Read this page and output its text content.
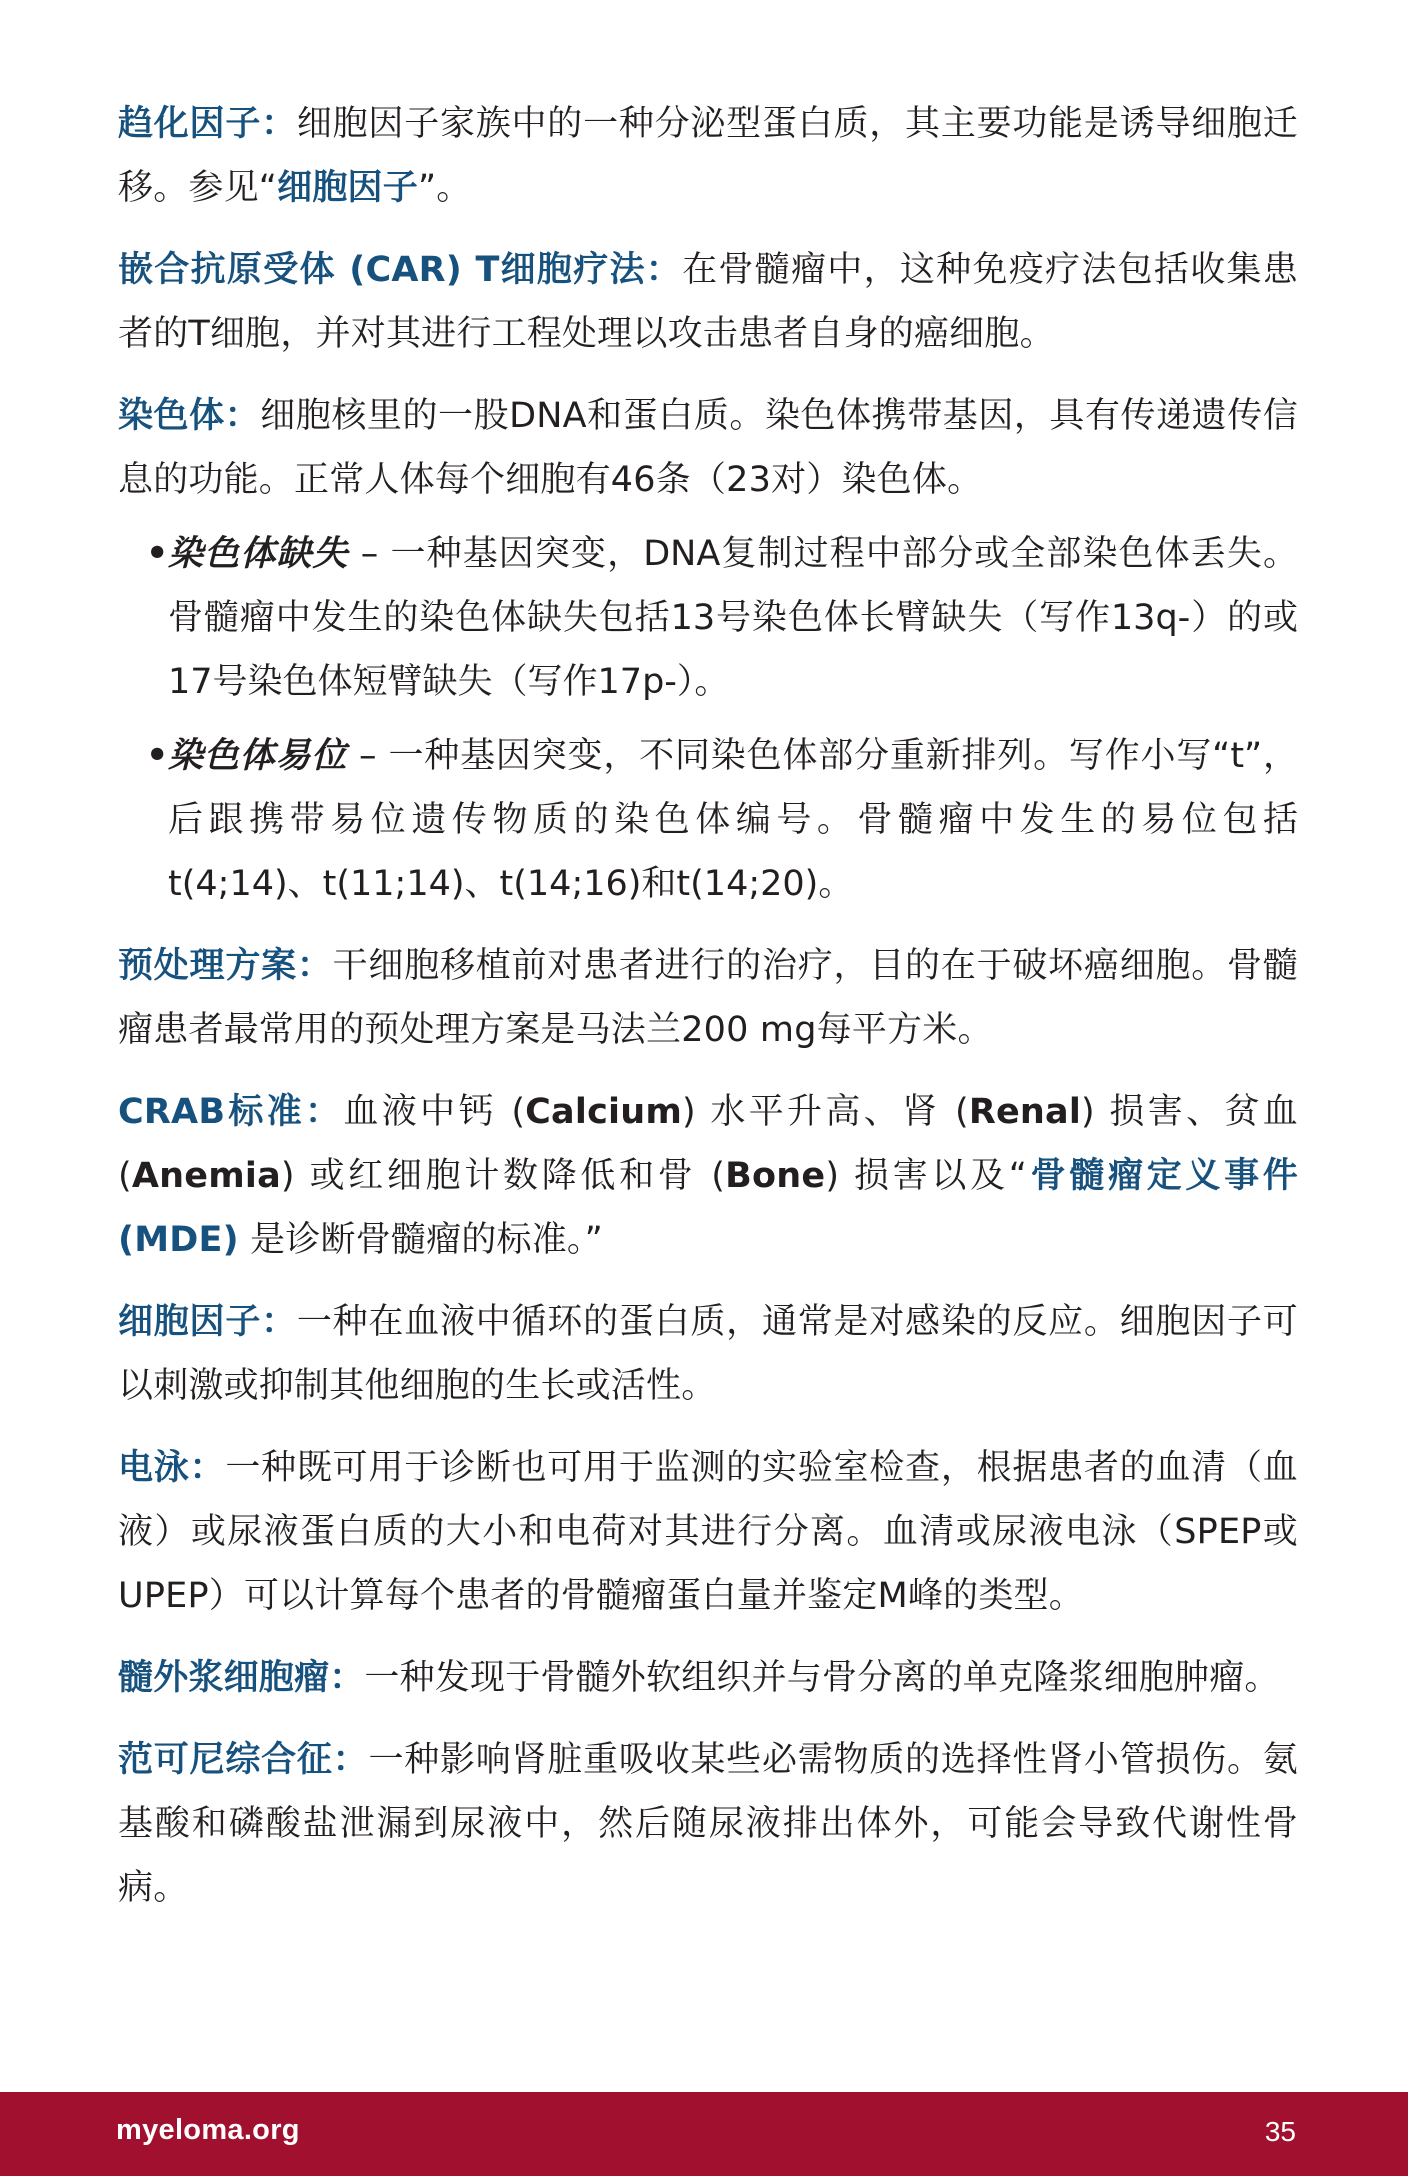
趋化因子：细胞因子家族中的一种分泌型蛋白质，其主要功能是诱导细胞迁移。参见“细胞因子”。

嵌合抗原受体 (CAR) T细胞疗法：在骨髓瘤中，这种免疫疗法包括收集患者的T细胞，并对其进行工程处理以攻击患者自身的癌细胞。

染色体：细胞核里的一股DNA和蛋白质。染色体携带基因，具有传递遗传信息的功能。正常人体每个细胞有46条（23对）染色体。

• 染色体缺失 – 一种基因突变，DNA复制过程中部分或全部染色体丢失。骨髓瘤中发生的染色体缺失包括13号染色体长臂缺失（写作13q-）的或17号染色体短臂缺失（写作17p-）。
• 染色体易位 – 一种基因突变，不同染色体部分重新排列。写作小写“t”，后跟携带易位遗传物质的染色体编号。骨髓瘤中发生的易位包括t(4;14)、t(11;14)、t(14;16)和t(14;20)。

预处理方案：干细胞移植前对患者进行的治疗，目的在于破坏癌细胞。骨髓瘤患者最常用的预处理方案是马法兰200 mg每平方米。

CRAB标准：血液中钙 (Calcium) 水平升高、肾 (Renal) 损害、贫血 (Anemia) 或红细胞计数降低和骨 (Bone) 损害以及“骨髓瘤定义事件 (MDE) 是诊断骨髓瘤的标准。”

细胞因子：一种在血液中循环的蛋白质，通常是对感染的反应。细胞因子可以刺激或抑制其他细胞的生长或活性。

电泳：一种既可用于诊断也可用于监测的实验室检查，根据患者的血清（血液）或尿液蛋白质的大小和电荷对其进行分离。血清或尿液电泳（SPEP或UPEP）可以计算每个患者的骨髓瘤蛋白量并鉴定M峰的类型。

髓外浆细胞瘤：一种发现于骨髓外软组织并与骨分离的单克隆浆细胞肿瘤。

范可尼综合征：一种影响肾脏重吸收某些必需物质的选择性肾小管损伤。氨基酸和磷酸盐泄漏到尿液中，然后随尿液排出体外，可能会导致代谢性骨病。

myeloma.org	35
